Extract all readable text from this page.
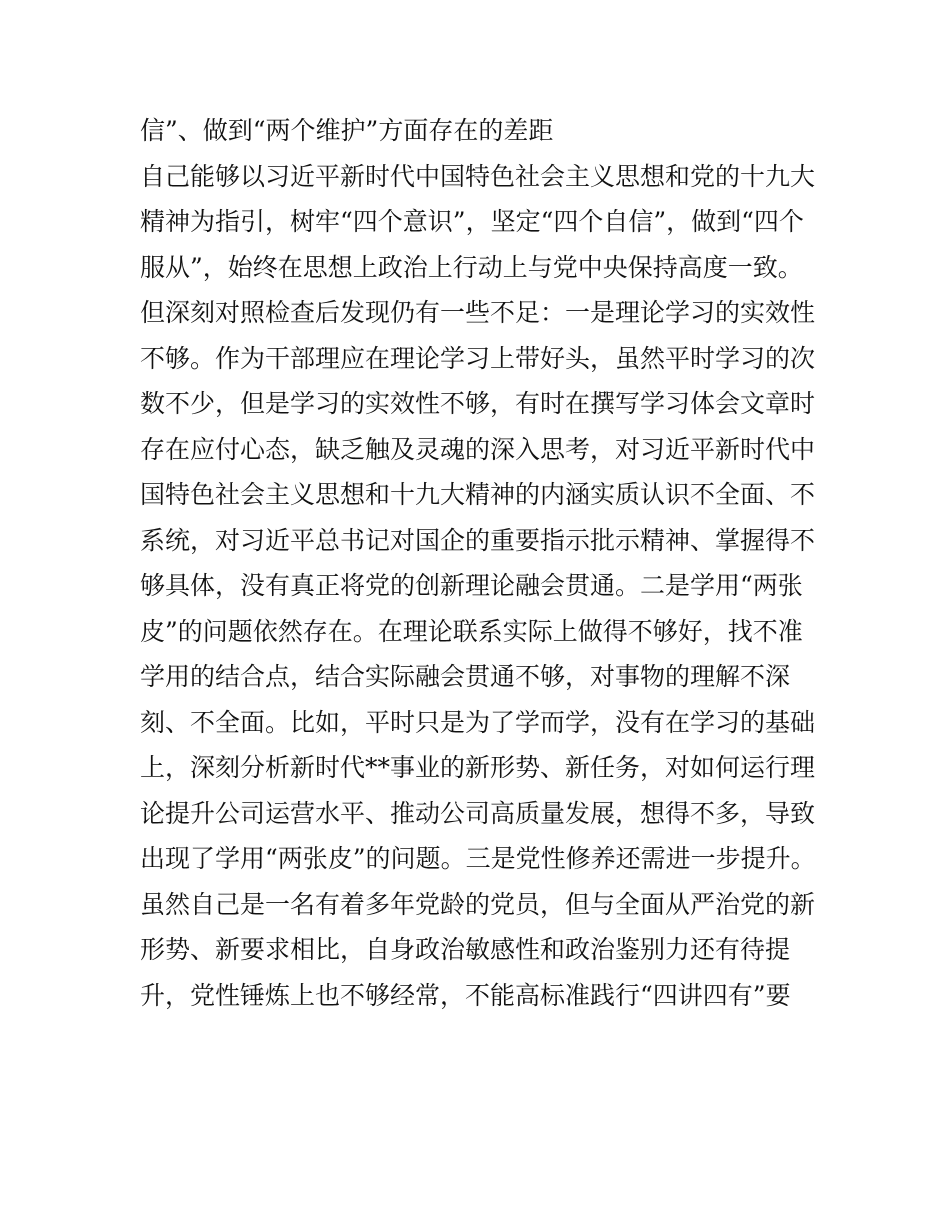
信”、做到“两个维护”方面存在的差距
自己能够以习近平新时代中国特色社会主义思想和党的十九大
精神为指引，树牢“四个意识”，坚定“四个自信”，做到“四个
服从”，始终在思想上政治上行动上与党中央保持高度一致。
但深刻对照检查后发现仍有一些不足：一是理论学习的实效性
不够。作为干部理应在理论学习上带好头，虽然平时学习的次
数不少，但是学习的实效性不够，有时在撰写学习体会文章时
存在应付心态，缺乏触及灵魂的深入思考，对习近平新时代中
国特色社会主义思想和十九大精神的内涵实质认识不全面、不
系统，对习近平总书记对国企的重要指示批示精神、掌握得不
够具体，没有真正将党的创新理论融会贯通。二是学用“两张
皮”的问题依然存在。在理论联系实际上做得不够好，找不准
学用的结合点，结合实际融会贯通不够，对事物的理解不深
刻、不全面。比如，平时只是为了学而学，没有在学习的基础
上，深刻分析新时代**事业的新形势、新任务，对如何运行理
论提升公司运营水平、推动公司高质量发展，想得不多，导致
出现了学用“两张皮”的问题。三是党性修养还需进一步提升。
虽然自己是一名有着多年党龄的党员，但与全面从严治党的新
形势、新要求相比，自身政治敏感性和政治鉴别力还有待提
升，党性锤炼上也不够经常，不能高标准践行“四讲四有”要
